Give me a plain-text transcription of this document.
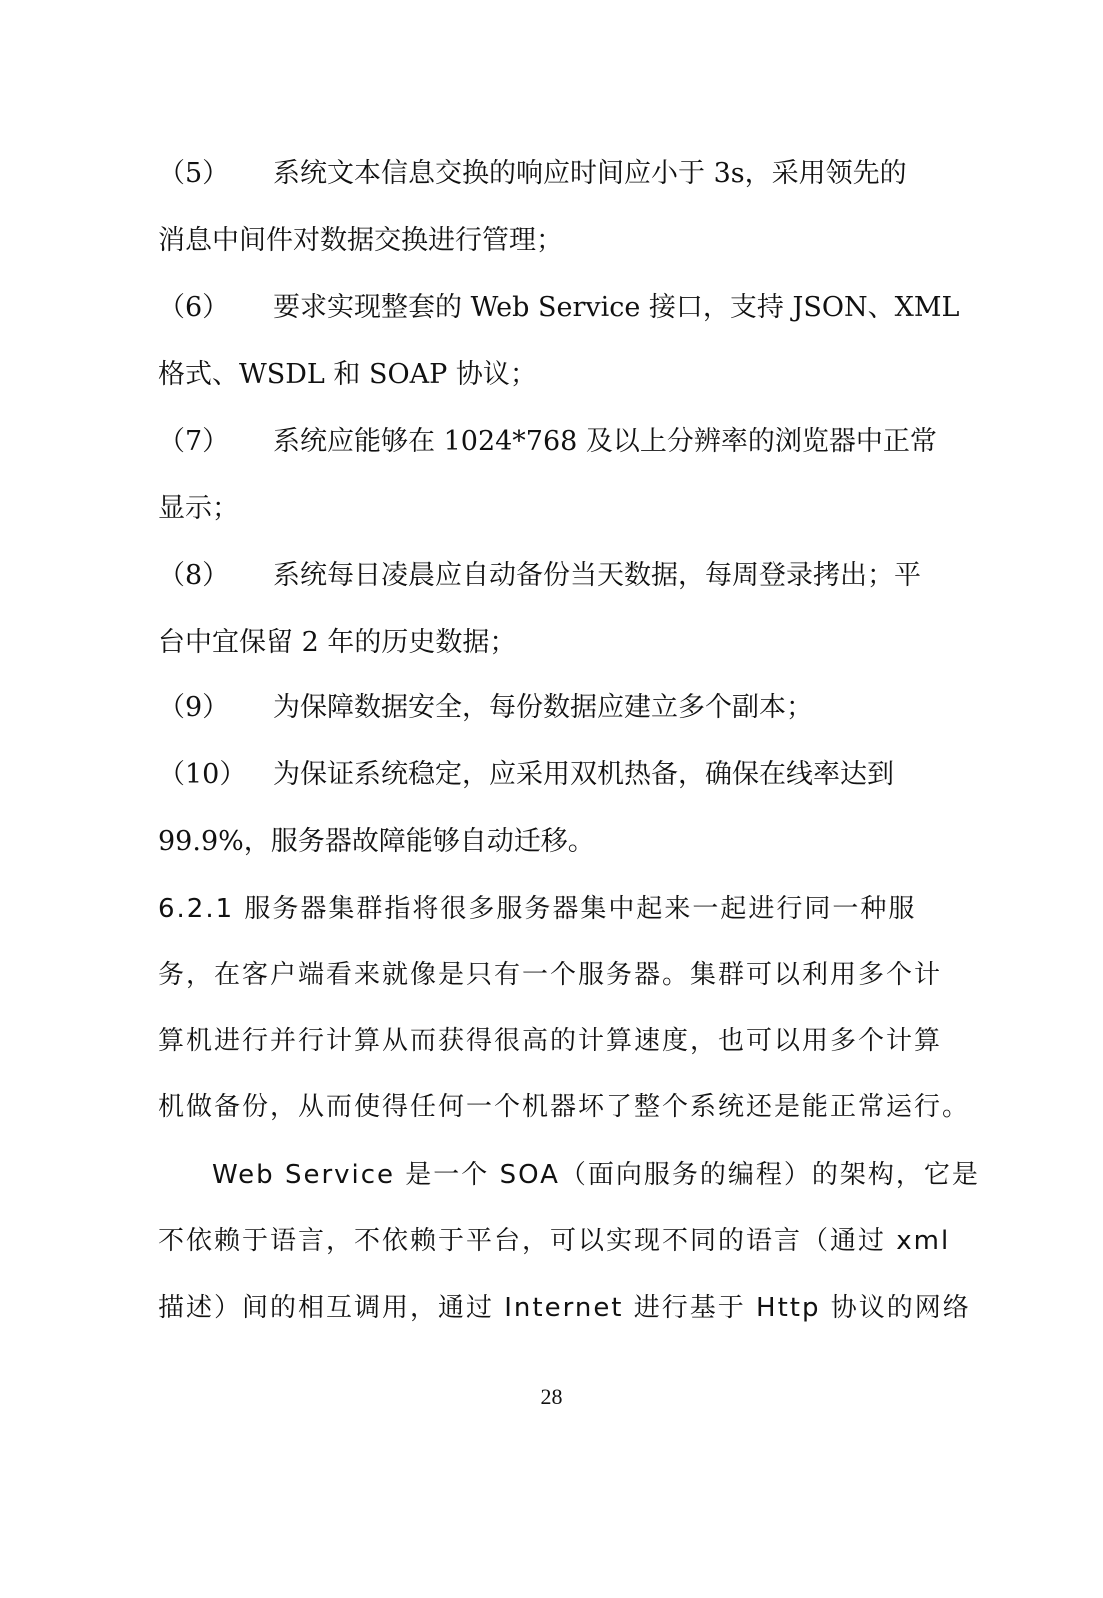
（5） 系统文本信息交换的响应时间应小于 3s，采用领先的
消息中间件对数据交换进行管理；
（6） 要求实现整套的 Web Service 接口，支持 JSON、XML
格式、WSDL 和 SOAP 协议；
（7） 系统应能够在 1024*768 及以上分辨率的浏览器中正常
显示；
（8） 系统每日凌晨应自动备份当天数据，每周登录拷出；平
台中宜保留 2 年的历史数据；
（9） 为保障数据安全，每份数据应建立多个副本；
（10） 为保证系统稳定，应采用双机热备，确保在线率达到
99.9%，服务器故障能够自动迁移。
6.2.1 服务器集群指将很多服务器集中起来一起进行同一种服
务，在客户端看来就像是只有一个服务器。集群可以利用多个计
算机进行并行计算从而获得很高的计算速度，也可以用多个计算
机做备份，从而使得任何一个机器坏了整个系统还是能正常运行。
Web Service 是一个 SOA（面向服务的编程）的架构，它是
不依赖于语言，不依赖于平台，可以实现不同的语言（通过 xml
描述）间的相互调用，通过 Internet 进行基于 Http 协议的网络
28
